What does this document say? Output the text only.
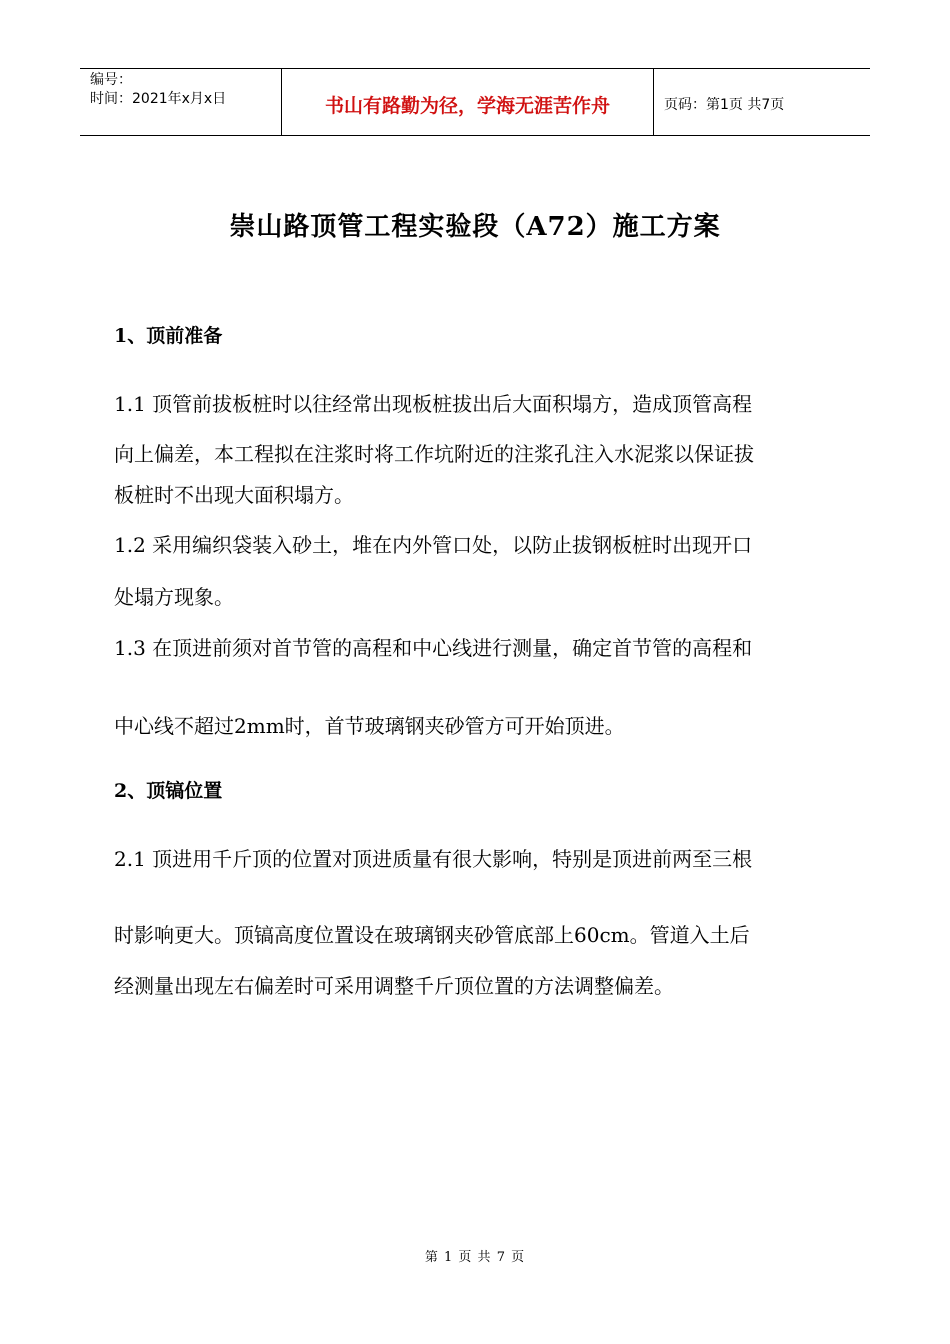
编号：
时间：2021年x月x日	书山有路勤为径，学海无涯苦作舟	页码：第1页 共7页
崇山路顶管工程实验段（A72）施工方案
1、顶前准备
1.1 顶管前拔板桩时以往经常出现板桩拔出后大面积塌方，造成顶管高程
向上偏差，本工程拟在注浆时将工作坑附近的注浆孔注入水泥浆以保证拔
板桩时不出现大面积塌方。
1.2 采用编织袋装入砂土，堆在内外管口处，以防止拔钢板桩时出现开口
处塌方现象。
1.3 在顶进前须对首节管的高程和中心线进行测量，确定首节管的高程和
中心线不超过2mm时，首节玻璃钢夹砂管方可开始顶进。
2、顶镐位置
2.1 顶进用千斤顶的位置对顶进质量有很大影响，特别是顶进前两至三根
时影响更大。顶镐高度位置设在玻璃钢夹砂管底部上60cm。管道入土后
经测量出现左右偏差时可采用调整千斤顶位置的方法调整偏差。
第 1 页 共 7 页
